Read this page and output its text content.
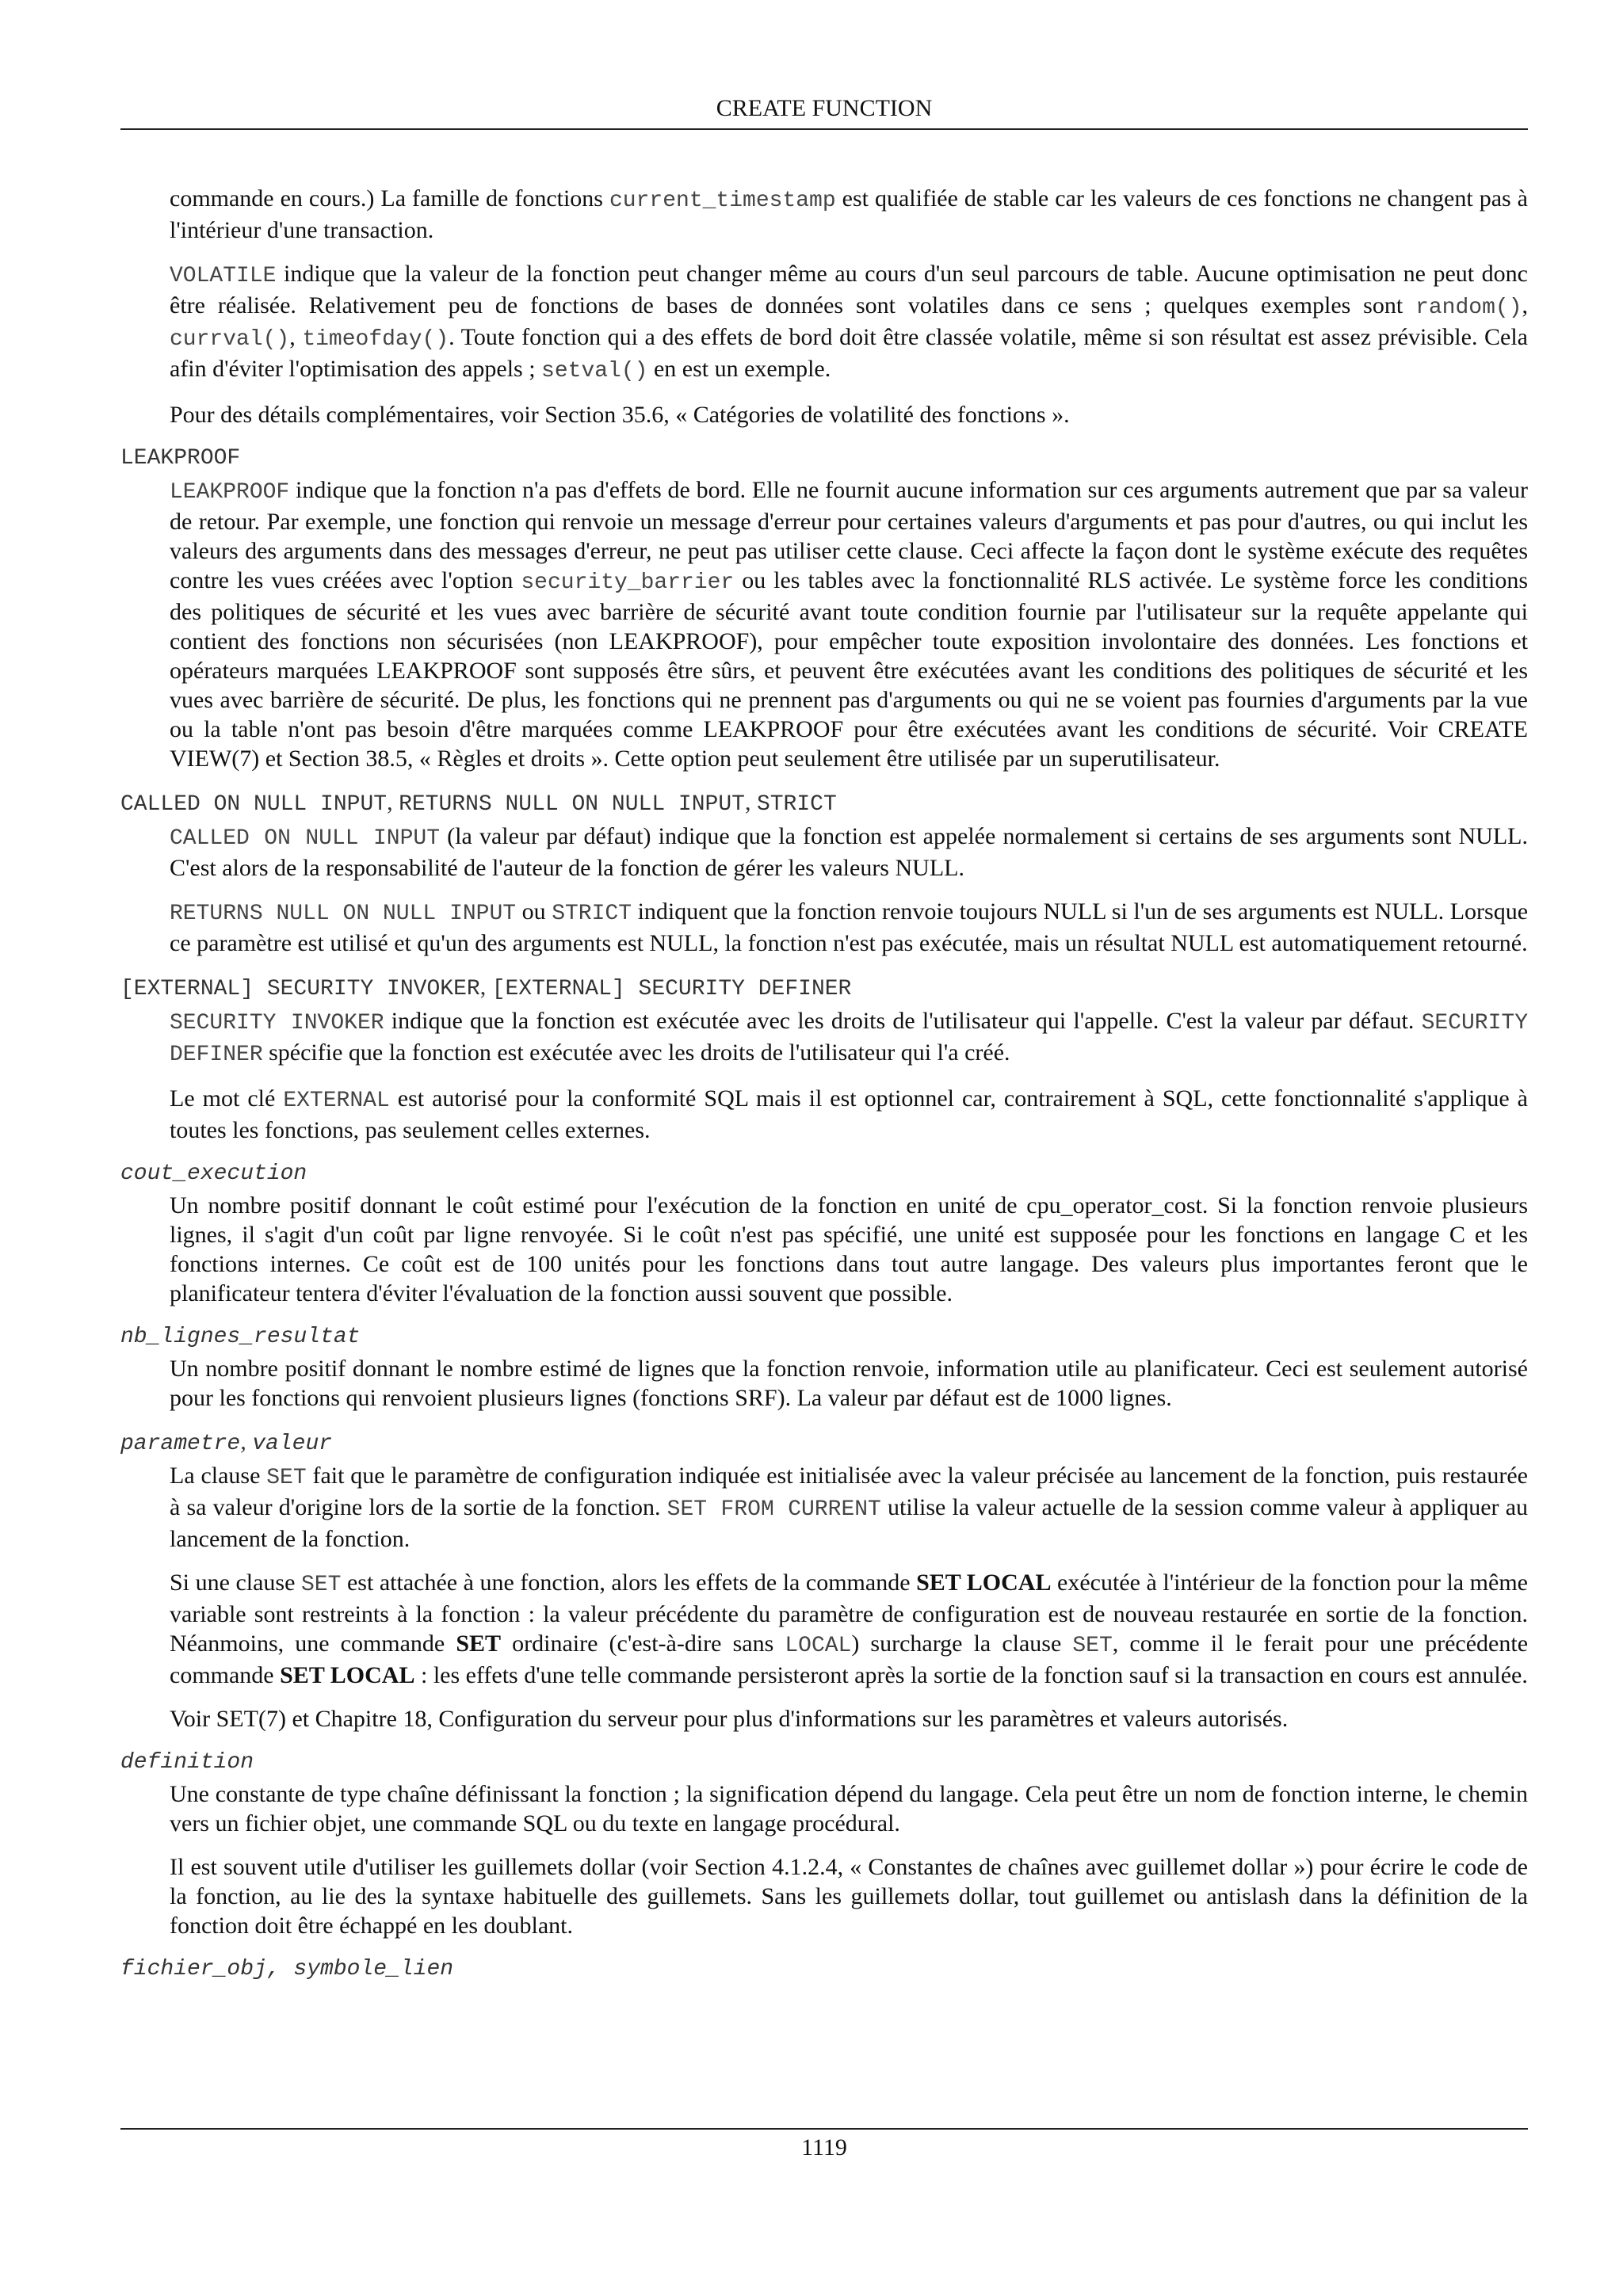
CREATE FUNCTION

commande en cours.) La famille de fonctions current_timestamp est qualifiée de stable car les valeurs de ces fonctions ne changent pas à l'intérieur d'une transaction.

VOLATILE indique que la valeur de la fonction peut changer même au cours d'un seul parcours de table. Aucune optimisation ne peut donc être réalisée. Relativement peu de fonctions de bases de données sont volatiles dans ce sens ; quelques exemples sont random(), currval(), timeofday(). Toute fonction qui a des effets de bord doit être classée volatile, même si son résultat est assez prévisible. Cela afin d'éviter l'optimisation des appels ; setval() en est un exemple.

Pour des détails complémentaires, voir Section 35.6, « Catégories de volatilité des fonctions ».

LEAKPROOF

LEAKPROOF indique que la fonction n'a pas d'effets de bord. Elle ne fournit aucune information sur ces arguments autrement que par sa valeur de retour. Par exemple, une fonction qui renvoie un message d'erreur pour certaines valeurs d'arguments et pas pour d'autres, ou qui inclut les valeurs des arguments dans des messages d'erreur, ne peut pas utiliser cette clause. Ceci affecte la façon dont le système exécute des requêtes contre les vues créées avec l'option security_barrier ou les tables avec la fonctionnalité RLS activée. Le système force les conditions des politiques de sécurité et les vues avec barrière de sécurité avant toute condition fournie par l'utilisateur sur la requête appelante qui contient des fonctions non sécurisées (non LEAKPROOF), pour empêcher toute exposition involontaire des données. Les fonctions et opérateurs marquées LEAKPROOF sont supposés être sûrs, et peuvent être exécutées avant les conditions des politiques de sécurité et les vues avec barrière de sécurité. De plus, les fonctions qui ne prennent pas d'arguments ou qui ne se voient pas fournies d'arguments par la vue ou la table n'ont pas besoin d'être marquées comme LEAKPROOF pour être exécutées avant les conditions de sécurité. Voir CREATE VIEW(7) et Section 38.5, « Règles et droits ». Cette option peut seulement être utilisée par un superutilisateur.

CALLED ON NULL INPUT, RETURNS NULL ON NULL INPUT, STRICT

CALLED ON NULL INPUT (la valeur par défaut) indique que la fonction est appelée normalement si certains de ses arguments sont NULL. C'est alors de la responsabilité de l'auteur de la fonction de gérer les valeurs NULL.

RETURNS NULL ON NULL INPUT ou STRICT indiquent que la fonction renvoie toujours NULL si l'un de ses arguments est NULL. Lorsque ce paramètre est utilisé et qu'un des arguments est NULL, la fonction n'est pas exécutée, mais un résultat NULL est automatiquement retourné.

[EXTERNAL] SECURITY INVOKER, [EXTERNAL] SECURITY DEFINER

SECURITY INVOKER indique que la fonction est exécutée avec les droits de l'utilisateur qui l'appelle. C'est la valeur par défaut. SECURITY DEFINER spécifie que la fonction est exécutée avec les droits de l'utilisateur qui l'a créé.

Le mot clé EXTERNAL est autorisé pour la conformité SQL mais il est optionnel car, contrairement à SQL, cette fonctionnalité s'applique à toutes les fonctions, pas seulement celles externes.

cout_execution

Un nombre positif donnant le coût estimé pour l'exécution de la fonction en unité de cpu_operator_cost. Si la fonction renvoie plusieurs lignes, il s'agit d'un coût par ligne renvoyée. Si le coût n'est pas spécifié, une unité est supposée pour les fonctions en langage C et les fonctions internes. Ce coût est de 100 unités pour les fonctions dans tout autre langage. Des valeurs plus importantes feront que le planificateur tentera d'éviter l'évaluation de la fonction aussi souvent que possible.

nb_lignes_resultat

Un nombre positif donnant le nombre estimé de lignes que la fonction renvoie, information utile au planificateur. Ceci est seulement autorisé pour les fonctions qui renvoient plusieurs lignes (fonctions SRF). La valeur par défaut est de 1000 lignes.

parametre, valeur

La clause SET fait que le paramètre de configuration indiquée est initialisée avec la valeur précisée au lancement de la fonction, puis restaurée à sa valeur d'origine lors de la sortie de la fonction. SET FROM CURRENT utilise la valeur actuelle de la session comme valeur à appliquer au lancement de la fonction.

Si une clause SET est attachée à une fonction, alors les effets de la commande SET LOCAL exécutée à l'intérieur de la fonction pour la même variable sont restreints à la fonction : la valeur précédente du paramètre de configuration est de nouveau restaurée en sortie de la fonction. Néanmoins, une commande SET ordinaire (c'est-à-dire sans LOCAL) surcharge la clause SET, comme il le ferait pour une précédente commande SET LOCAL : les effets d'une telle commande persisteront après la sortie de la fonction sauf si la transaction en cours est annulée.

Voir SET(7) et Chapitre 18, Configuration du serveur pour plus d'informations sur les paramètres et valeurs autorisés.

definition

Une constante de type chaîne définissant la fonction ; la signification dépend du langage. Cela peut être un nom de fonction interne, le chemin vers un fichier objet, une commande SQL ou du texte en langage procédural.

Il est souvent utile d'utiliser les guillemets dollar (voir Section 4.1.2.4, « Constantes de chaînes avec guillemet dollar ») pour écrire le code de la fonction, au lie des la syntaxe habituelle des guillemets. Sans les guillemets dollar, tout guillemet ou antislash dans la définition de la fonction doit être échappé en les doublant.

fichier_obj, symbole_lien
1119
